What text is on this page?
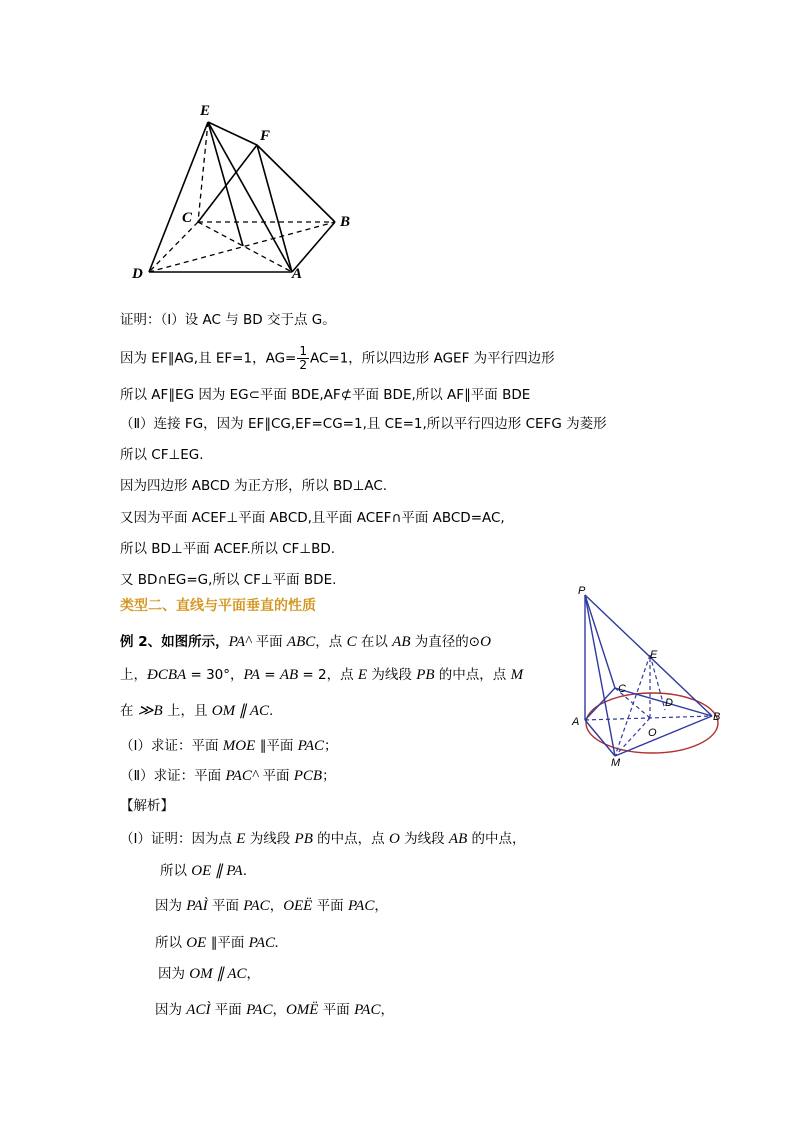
E
F
C	B
D	A
证明：（Ⅰ）设 AC 与 BD 交于点 G。
因为 EF∥AG,且 EF=1，$AG= \frac{1}{2} AC=1$，所以四边形 AGEF 为平行四边形
所以 AF∥EG 因为 EG⊂平面 BDE,AF⊄平面 BDE,所以 AF∥平面 BDE
（Ⅱ）连接 FG，因为 EF∥CG,EF=CG=1,且 CE=1,所以平行四边形 CEFG 为菱形
所以 CF⊥EG.
因为四边形 ABCD 为正方形，所以 BD⊥AC.
又因为平面 ACEF⊥平面 ABCD,且平面 ACEF∩平面 ABCD=AC,
所以 BD⊥平面 ACEF.所以 CF⊥BD.
又 BD∩EG=G,所以 CF⊥平面 BDE.
类型二、直线与平面垂直的性质
P
E
C
D
A	B
O
M
例 2、如图所示，PA^ 平面 ABC，点 C 在以 AB 为直径的⊙O
上，ÐCBA = 30°，PA = AB = 2，点 E 为线段 PB 的中点，点 M
在 ≫B 上，且 OM ∥ AC.
（Ⅰ）求证：平面 MOE ∥平面 PAC；
（Ⅱ）求证：平面 PAC^ 平面 PCB；
【解析】
（Ⅰ）证明：因为点 E 为线段 PB 的中点，点 O 为线段 AB 的中点，
所以 OE ∥ PA.
因为 PAÌ 平面 PAC，OEË 平面 PAC，
所以 OE ∥平面 PAC.
因为 OM ∥ AC，
因为 ACÌ 平面 PAC，OMË 平面 PAC，
